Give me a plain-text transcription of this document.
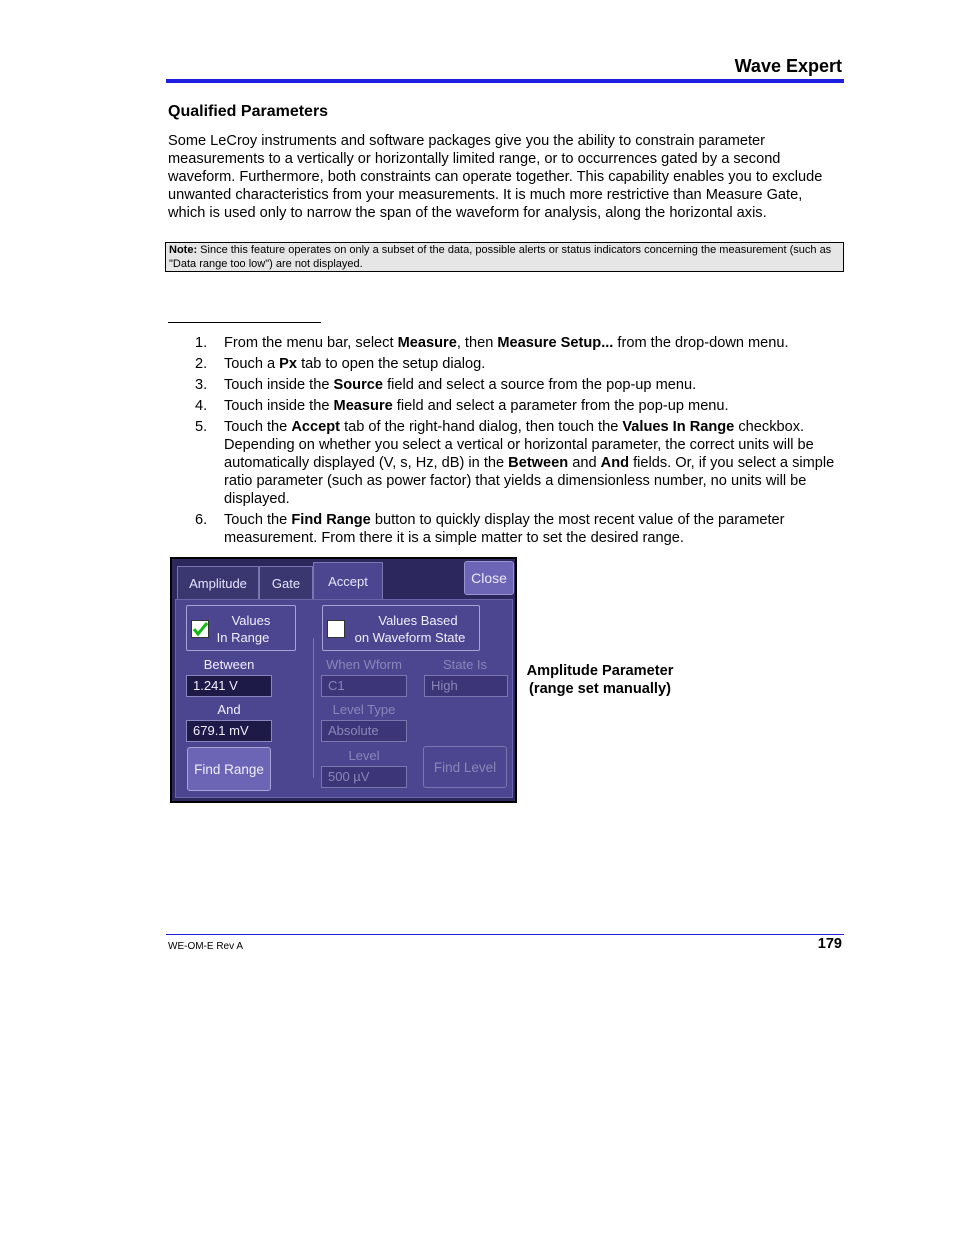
Wave Expert
Qualified Parameters
Some LeCroy instruments and software packages give you the ability to constrain parameter measurements to a vertically or horizontally limited range, or to occurrences gated by a second waveform. Furthermore, both constraints can operate together. This capability enables you to exclude unwanted characteristics from your measurements. It is much more restrictive than Measure Gate, which is used only to narrow the span of the waveform for analysis, along the horizontal axis.
Note: Since this feature operates on only a subset of the data, possible alerts or status indicators concerning the measurement (such as "Data range too low") are not displayed.
1. From the menu bar, select Measure, then Measure Setup... from the drop-down menu.
2. Touch a Px tab to open the setup dialog.
3. Touch inside the Source field and select a source from the pop-up menu.
4. Touch inside the Measure field and select a parameter from the pop-up menu.
5. Touch the Accept tab of the right-hand dialog, then touch the Values In Range checkbox. Depending on whether you select a vertical or horizontal parameter, the correct units will be automatically displayed (V, s, Hz, dB) in the Between and And fields. Or, if you select a simple ratio parameter (such as power factor) that yields a dimensionless number, no units will be displayed.
6. Touch the Find Range button to quickly display the most recent value of the parameter measurement. From there it is a simple matter to set the desired range.
Amplitude	Gate	Accept	Close
Values
In Range
Values Based
on Waveform State
Between
1.241 V
And
679.1 mV
Find Range
When Wform
C1
State Is
High
Level Type
Absolute
Level
500 µV
Find Level
Amplitude Parameter
(range set manually)
WE-OM-E Rev A	179
